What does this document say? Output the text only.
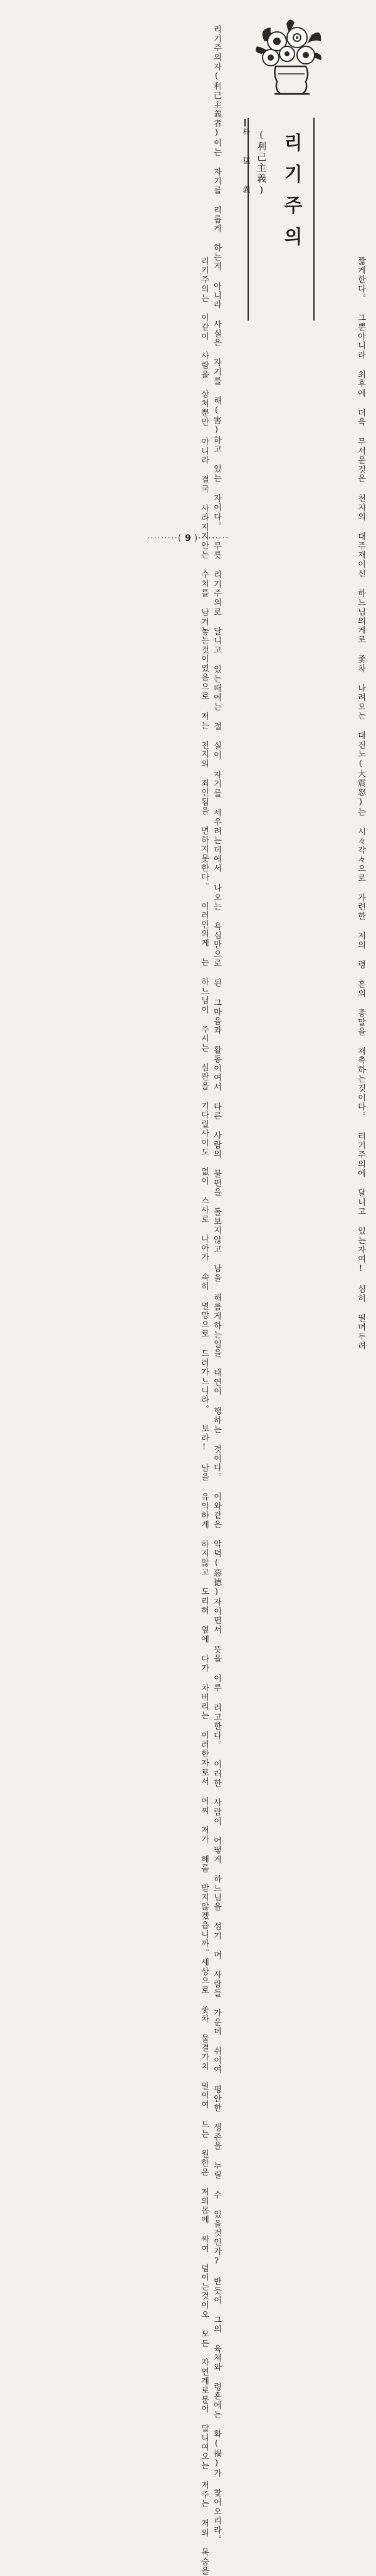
리기주의
(利己主義)
朴 猛 義
리기주의자(利己主義者)이는 자기를 리롭게 하는게 아니라 사실은 자기를 해(害)하고 있는 자이다。 무릇 리기주의로 달니고 있는때에는 절 실이 자기를 세우려는데에서 나오는 욕심만으로 된 그마음과 활동이여서 다른 사람의 불편을 돌보지않고 남을 해롭게하는일을 태연이 행하는 것이다。 이와같은 악덕(惡德)자이면서 뜻을 이루 려고한다。 이러한 사람이 어떻게 하느님을 섬기 며 사람들 가운데 쉬이여 평안한 생존을 누릴 수 있을것인가? 반듯이 그의 육체와 령혼에는 화(禍)가 찾어오리라。
리기주의는 이같이 사람을 상처뿐만 아니라 결국 사라지지안는 수치를 남겨놓는것이였음으로 저는 천지의 죄인됨을 면하지못한다。 이러인의게 는 하느님이 주시는 심판을 기다릴사이도 없이 스사로 나아가 속히 멸망으로 드러가느니라。 보라! 남을 유익하게 하지않고 도리혀 옆에 다가 차버리는 이러한자로서 어찌 저가 해를 받지않겠읍니까。세상으로 좇차 물결가치 밀이여 드는 원한은 저의몸에 싸여 덤이는것이오 모든 자연계로붙어 달니여오는 저주는 저의 목숨을
짧게한다。 그뿐아니라 최후에 더욱 무서운것은 천지의 대주재이신 하느님의게로 좇차 나려오는 대진노(大震怒)는 시々각々으로 가련한 저의 령 혼의 종말을 재촉하는것이다。 리기주의에 달니고 있는자여! 심히 떨며두려
·········( 9 )·········
